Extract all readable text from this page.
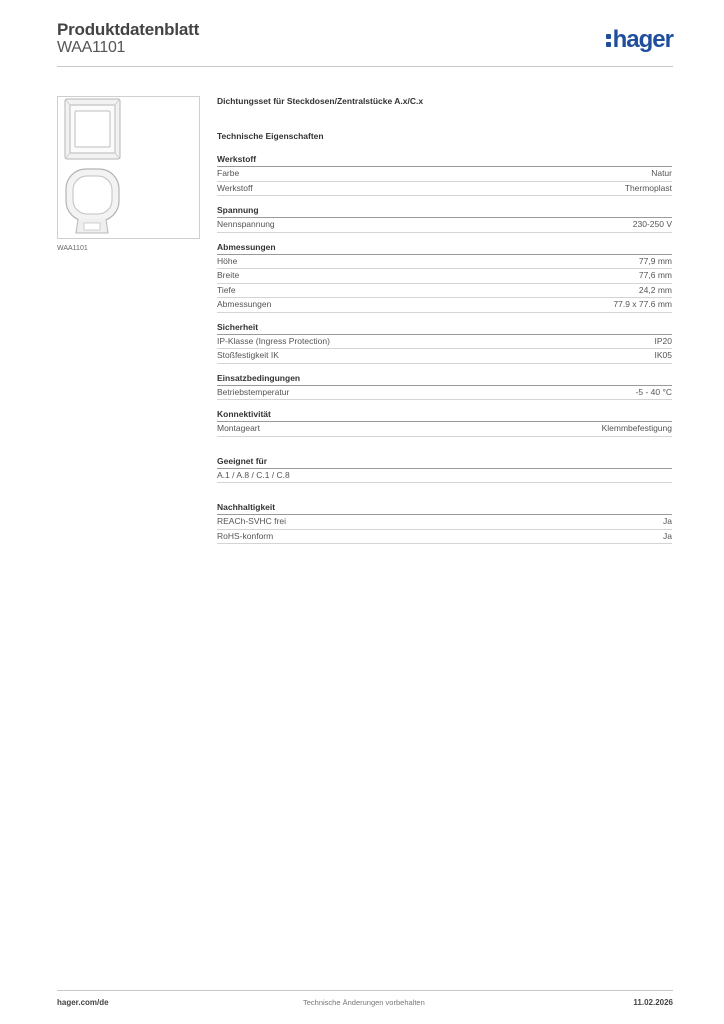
Produktdatenblatt
WAA1101	hager
WAA1101
Dichtungsset für Steckdosen/Zentralstücke A.x/C.x
Technische Eigenschaften
Werkstoff
Farbe	Natur
Werkstoff	Thermoplast
Spannung
Nennspannung	230-250 V
Abmessungen
Höhe	77,9 mm
Breite	77,6 mm
Tiefe	24,2 mm
Abmessungen	77.9 x 77.6 mm
Sicherheit
IP-Klasse (Ingress Protection)	IP20
Stoßfestigkeit IK	IK05
Einsatzbedingungen
Betriebstemperatur	-5 - 40 °C
Konnektivität
Montageart	Klemmbefestigung
Geeignet für
A.1 / A.8 / C.1 / C.8
Nachhaltigkeit
REACh-SVHC frei	Ja
RoHS-konform	Ja
hager.com/de	Technische Änderungen vorbehalten	11.02.2026
